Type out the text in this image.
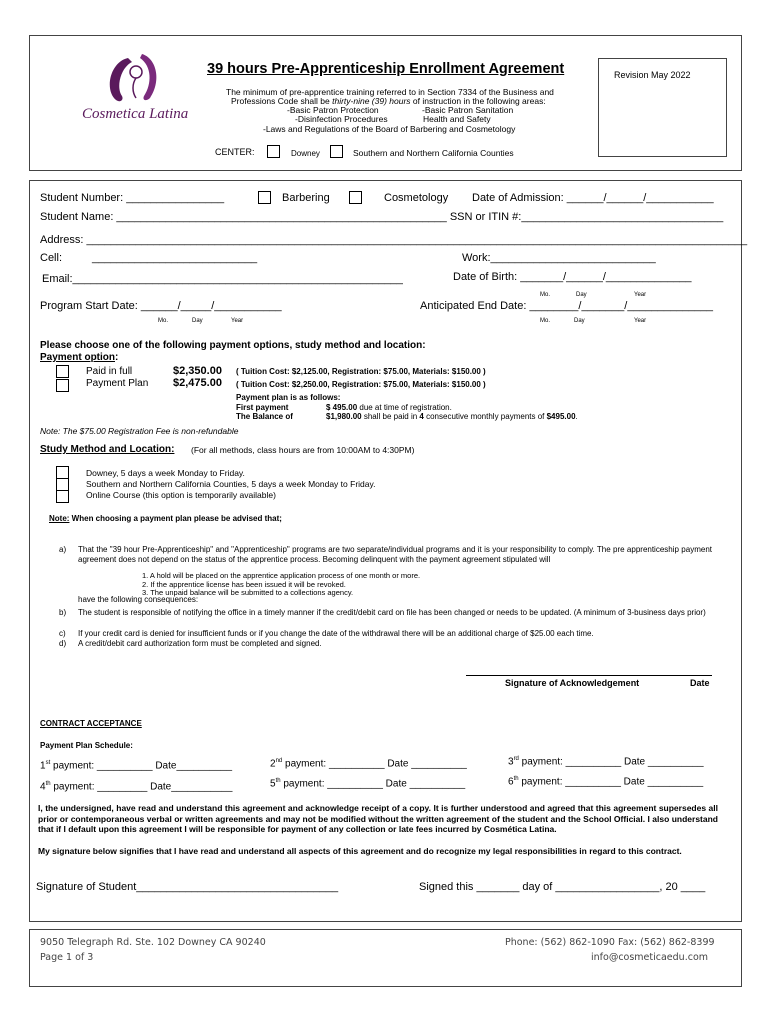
Cosmetica Latina
39 hours Pre-Apprenticeship Enrollment Agreement	Revision May 2022
The minimum of pre-apprentice training referred to in Section 7334 of the Business and
Professions Code shall be thirty-nine (39) hours of instruction in the following areas:
-Basic Patron Protection	-Basic Patron Sanitation
-Disinfection Procedures	Health and Safety
-Laws and Regulations of the Board of Barbering and Cosmetology
CENTER:	Downey	Southern and Northern California Counties
Student Number: ________________	Barbering	Cosmetology Date of Admission: ______/______/___________
Student Name: ______________________________________________________ SSN or ITIN #:_________________________________
Address: ____________________________________________________________________________________________________________
Cell:	___________________________	Work:___________________________
Email:______________________________________________________	Date of Birth: _______/______/______________
Mo.	Day	Year
Program Start Date: ______/_____/___________	Anticipated End Date: ________/_______/______________
Mo.	Day	Year	Mo.	Day	Year
Please choose one of the following payment options, study method and location:
Payment option:
Paid in full	$2,350.00 ( Tuition Cost: $2,125.00, Registration: $75.00, Materials: $150.00 )
Payment Plan $2,475.00 ( Tuition Cost: $2,250.00, Registration: $75.00, Materials: $150.00 )
Payment plan is as follows:
First payment	$ 495.00 due at time of registration.
The Balance of	$1,980.00 shall be paid in 4 consecutive monthly payments of $495.00.
Note: The $75.00 Registration Fee is non-refundable
Study Method and Location: (For all methods, class hours are from 10:00AM to 4:30PM)
Downey, 5 days a week Monday to Friday.
Southern and Northern California Counties, 5 days a week Monday to Friday.
Online Course (this option is temporarily available)
Note: When choosing a payment plan please be advised that;
a) That the "39 hour Pre-Apprenticeship" and "Apprenticeship" programs are two separate/individual programs and it is your responsibility to comply. The pre apprenticeship payment agreement does not depend on the status of the apprentice process. Becoming delinquent with the payment agreement stipulated will
1. A hold will be placed on the apprentice application process of one month or more.
2. If the apprentice license has been issued it will be revoked.
3. The unpaid balance will be submitted to a collections agency.
have the following consequences:
b) The student is responsible of notifying the office in a timely manner if the credit/debit card on file has been changed or needs to be updated. (A minimum of 3-business days prior)
c) If your credit card is denied for insufficient funds or if you change the date of the withdrawal there will be an additional charge of $25.00 each time.
d) A credit/debit card authorization form must be completed and signed.
Signature of Acknowledgement	Date
CONTRACT ACCEPTANCE
Payment Plan Schedule:
1st payment: __________ Date__________	2nd payment: __________ Date __________	3rd payment: __________ Date __________
4th payment: _________ Date___________	5th payment: __________ Date __________	6th payment: __________ Date __________
I, the undersigned, have read and understand this agreement and acknowledge receipt of a copy. It is further understood and agreed that this agreement supersedes all prior or contemporaneous verbal or written agreements and may not be modified without the written agreement of the student and the School Official. I also understand that if I default upon this agreement I will be responsible for payment of any collection or late fees incurred by Cosmética Latina.
My signature below signifies that I have read and understand all aspects of this agreement and do recognize my legal responsibilities in regard to this contract.
Signature of Student_________________________________	Signed this _______ day of _________________, 20 ____
9050 Telegraph Rd. Ste. 102 Downey CA 90240
Page 1 of 3
Phone: (562) 862-1090 Fax: (562) 862-8399
info@cosmeticaedu.com
